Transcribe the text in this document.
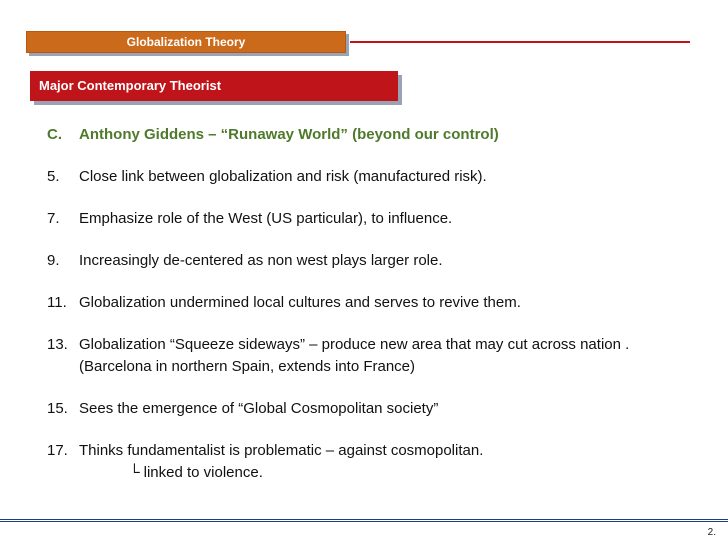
Globalization Theory
Major Contemporary Theorist
C. Anthony Giddens – “Runaway World” (beyond our control)
5. Close link between globalization and risk (manufactured risk).
7. Emphasize role of the West (US particular), to influence.
9. Increasingly de-centered as non west plays larger role.
11. Globalization undermined local cultures and serves to revive them.
13. Globalization “Squeeze sideways” – produce new area that may cut across nation . (Barcelona in northern Spain, extends into France)
15. Sees the emergence of “Global Cosmopolitan society”
17. Thinks fundamentalist is problematic – against cosmopolitan.
└ linked to violence.
2.
